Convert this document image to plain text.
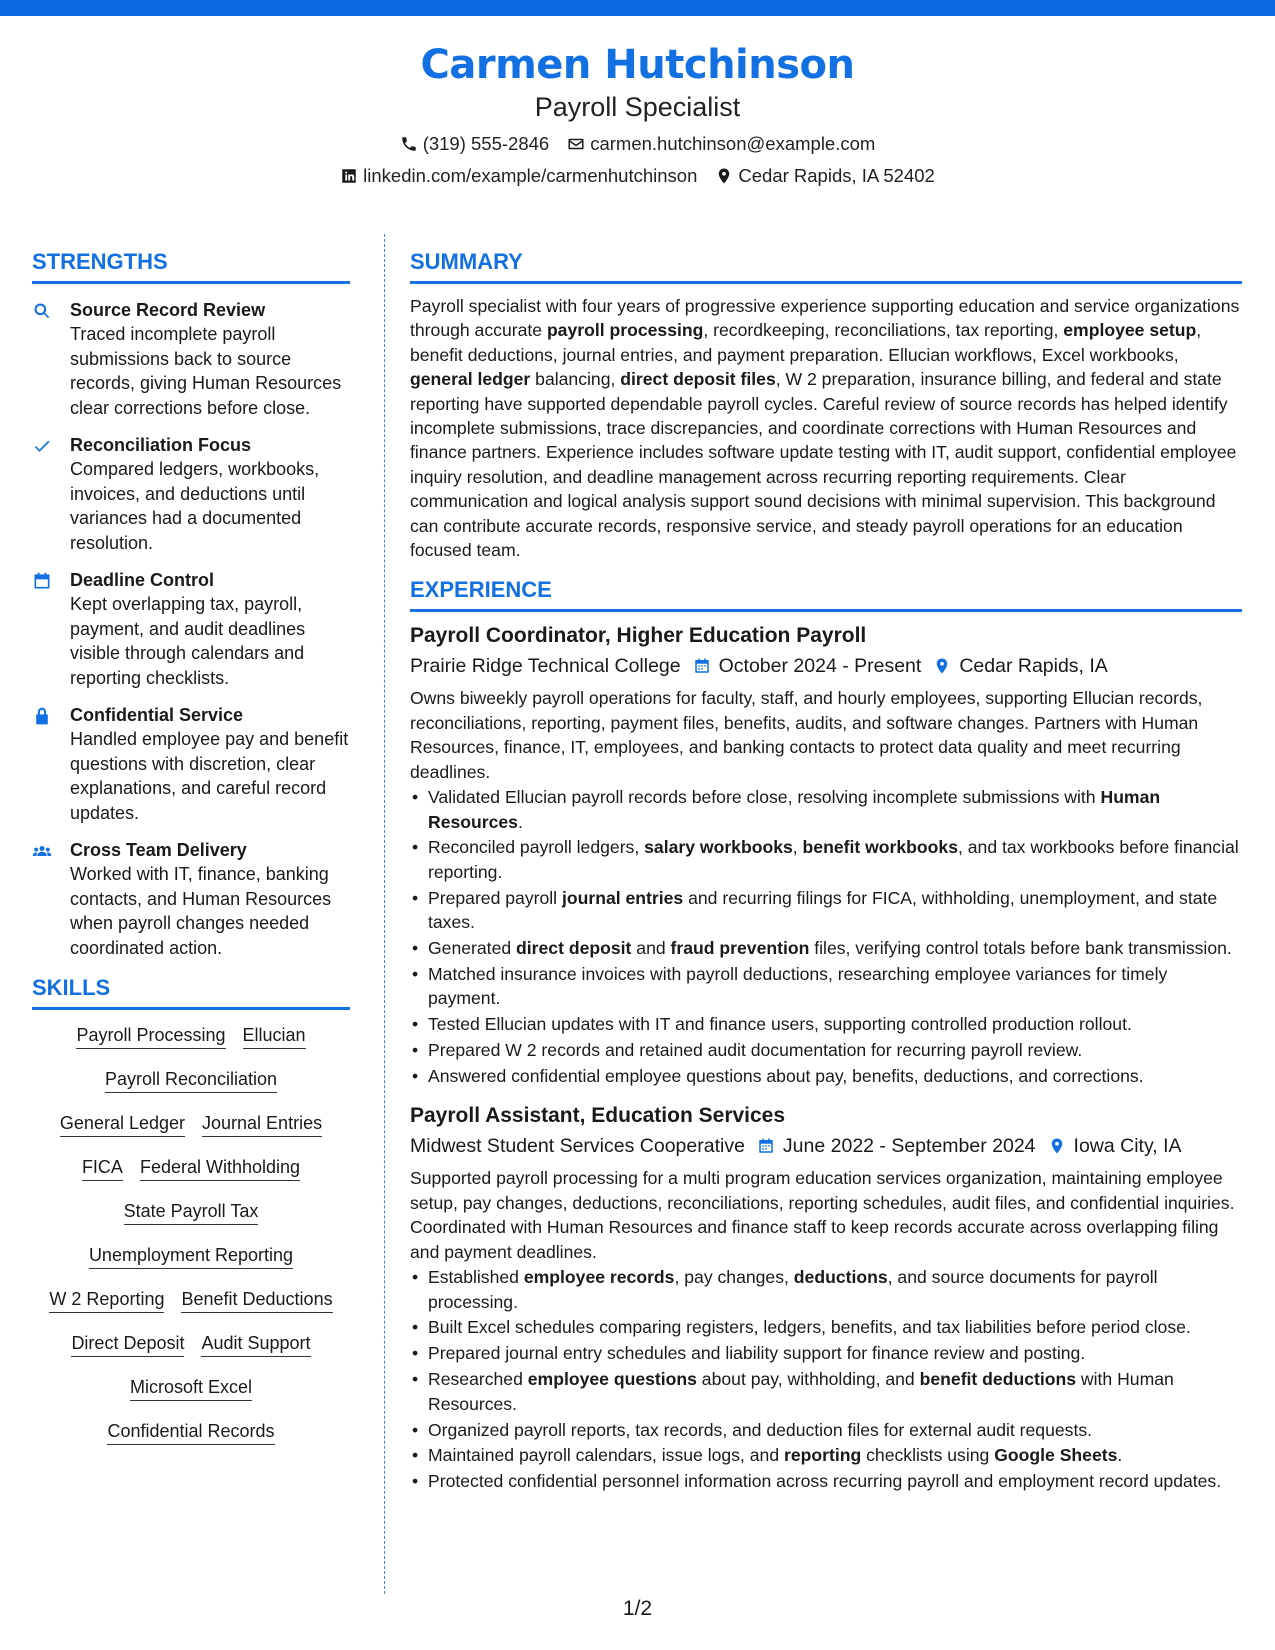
Carmen Hutchinson
Payroll Specialist
(319) 555-2846 carmen.hutchinson@example.com
linkedin.com/example/carmenhutchinson Cedar Rapids, IA 52402
STRENGTHS
Source Record Review
Traced incomplete payroll submissions back to source records, giving Human Resources clear corrections before close.
Reconciliation Focus
Compared ledgers, workbooks, invoices, and deductions until variances had a documented resolution.
Deadline Control
Kept overlapping tax, payroll, payment, and audit deadlines visible through calendars and reporting checklists.
Confidential Service
Handled employee pay and benefit questions with discretion, clear explanations, and careful record updates.
Cross Team Delivery
Worked with IT, finance, banking contacts, and Human Resources when payroll changes needed coordinated action.
SKILLS
Payroll Processing Ellucian
Payroll Reconciliation
General Ledger Journal Entries
FICA Federal Withholding
State Payroll Tax
Unemployment Reporting
W 2 Reporting Benefit Deductions
Direct Deposit Audit Support
Microsoft Excel
Confidential Records
SUMMARY
Payroll specialist with four years of progressive experience supporting education and service organizations through accurate payroll processing, recordkeeping, reconciliations, tax reporting, employee setup, benefit deductions, journal entries, and payment preparation. Ellucian workflows, Excel workbooks, general ledger balancing, direct deposit files, W 2 preparation, insurance billing, and federal and state reporting have supported dependable payroll cycles. Careful review of source records has helped identify incomplete submissions, trace discrepancies, and coordinate corrections with Human Resources and finance partners. Experience includes software update testing with IT, audit support, confidential employee inquiry resolution, and deadline management across recurring reporting requirements. Clear communication and logical analysis support sound decisions with minimal supervision. This background can contribute accurate records, responsive service, and steady payroll operations for an education focused team.
EXPERIENCE
Payroll Coordinator, Higher Education Payroll
Prairie Ridge Technical College October 2024 - Present Cedar Rapids, IA
Owns biweekly payroll operations for faculty, staff, and hourly employees, supporting Ellucian records, reconciliations, reporting, payment files, benefits, audits, and software changes. Partners with Human Resources, finance, IT, employees, and banking contacts to protect data quality and meet recurring deadlines.
• Validated Ellucian payroll records before close, resolving incomplete submissions with Human Resources.
• Reconciled payroll ledgers, salary workbooks, benefit workbooks, and tax workbooks before financial reporting.
• Prepared payroll journal entries and recurring filings for FICA, withholding, unemployment, and state taxes.
• Generated direct deposit and fraud prevention files, verifying control totals before bank transmission.
• Matched insurance invoices with payroll deductions, researching employee variances for timely payment.
• Tested Ellucian updates with IT and finance users, supporting controlled production rollout.
• Prepared W 2 records and retained audit documentation for recurring payroll review.
• Answered confidential employee questions about pay, benefits, deductions, and corrections.
Payroll Assistant, Education Services
Midwest Student Services Cooperative June 2022 - September 2024 Iowa City, IA
Supported payroll processing for a multi program education services organization, maintaining employee setup, pay changes, deductions, reconciliations, reporting schedules, audit files, and confidential inquiries. Coordinated with Human Resources and finance staff to keep records accurate across overlapping filing and payment deadlines.
• Established employee records, pay changes, deductions, and source documents for payroll processing.
• Built Excel schedules comparing registers, ledgers, benefits, and tax liabilities before period close.
• Prepared journal entry schedules and liability support for finance review and posting.
• Researched employee questions about pay, withholding, and benefit deductions with Human Resources.
• Organized payroll reports, tax records, and deduction files for external audit requests.
• Maintained payroll calendars, issue logs, and reporting checklists using Google Sheets.
• Protected confidential personnel information across recurring payroll and employment record updates.
1/2
